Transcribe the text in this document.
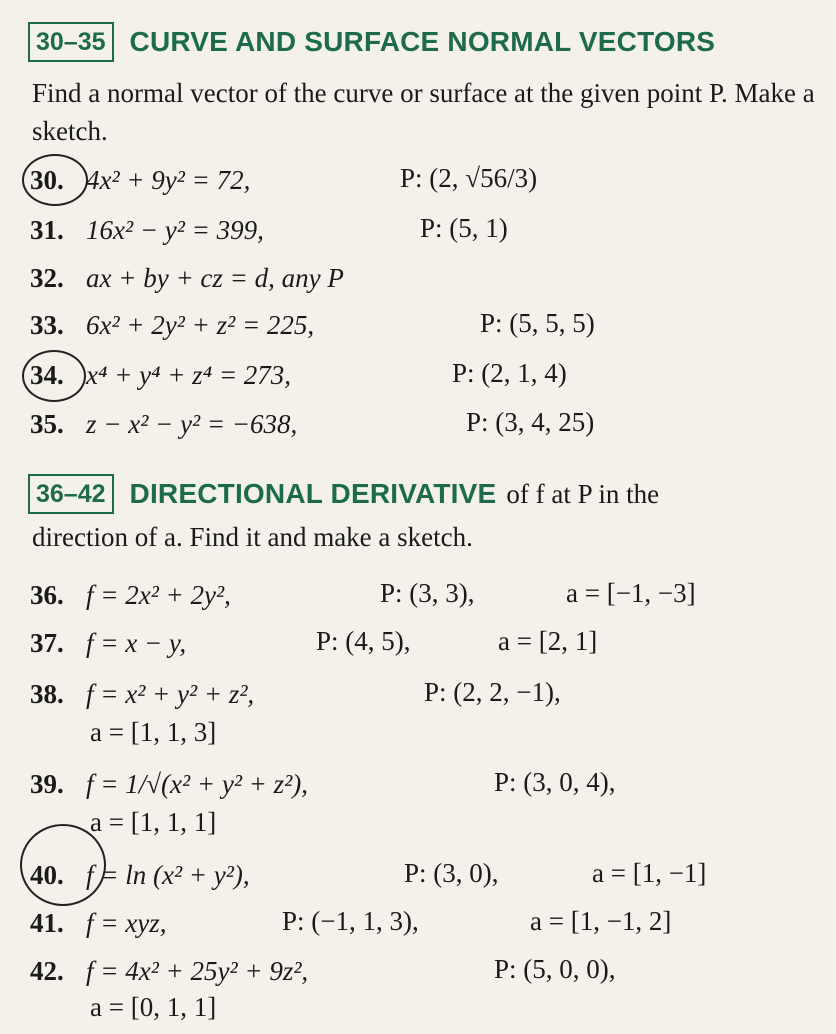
30–35 CURVE AND SURFACE NORMAL VECTORS
Find a normal vector of the curve or surface at the given point P. Make a sketch.
30. 4x² + 9y² = 72,	P: (2, √56/3)
31. 16x² − y² = 399,	P: (5, 1)
32. ax + by + cz = d, any P
33. 6x² + 2y² + z² = 225,	P: (5, 5, 5)
34. x⁴ + y⁴ + z⁴ = 273,	P: (2, 1, 4)
35. z − x² − y² = −638,	P: (3, 4, 25)
36–42 DIRECTIONAL DERIVATIVE of f at P in the
direction of a. Find it and make a sketch.
36. f = 2x² + 2y²,	P: (3, 3),	a = [−1, −3]
37. f = x − y,	P: (4, 5),	a = [2, 1]
38. f = x² + y² + z²,	P: (2, 2, −1),
a = [1, 1, 3]
39. f = 1/√(x² + y² + z²),	P: (3, 0, 4),
a = [1, 1, 1]
40. f = ln (x² + y²),	P: (3, 0),	a = [1, −1]
41. f = xyz,	P: (−1, 1, 3),	a = [1, −1, 2]
42. f = 4x² + 25y² + 9z²,	P: (5, 0, 0),
a = [0, 1, 1]
